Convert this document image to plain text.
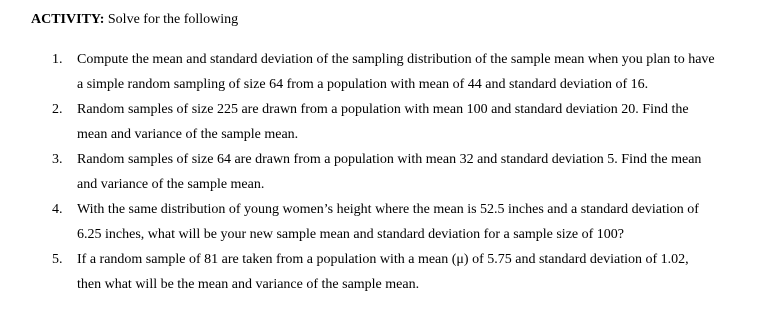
ACTIVITY: Solve for the following
1.	Compute the mean and standard deviation of the sampling distribution of the sample mean when you plan to have
a simple random sampling of size 64 from a population with mean of 44 and standard deviation of 16.
2.	Random samples of size 225 are drawn from a population with mean 100 and standard deviation 20. Find the
mean and variance of the sample mean.
3.	Random samples of size 64 are drawn from a population with mean 32 and standard deviation 5. Find the mean
and variance of the sample mean.
4.	With the same distribution of young women’s height where the mean is 52.5 inches and a standard deviation of
6.25 inches, what will be your new sample mean and standard deviation for a sample size of 100?
5.	If a random sample of 81 are taken from a population with a mean (μ) of 5.75 and standard deviation of 1.02,
then what will be the mean and variance of the sample mean.
